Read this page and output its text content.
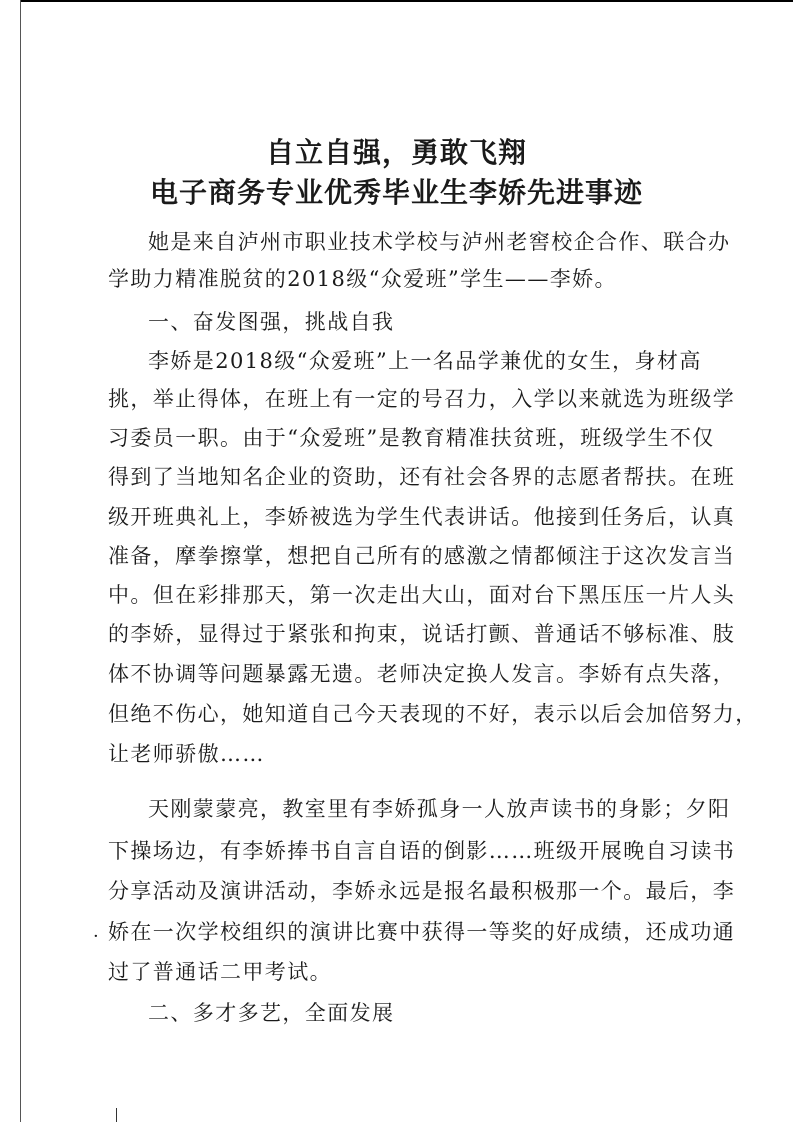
自立自强，勇敢飞翔
电子商务专业优秀毕业生李娇先进事迹

她是来自泸州市职业技术学校与泸州老窖校企合作、联合办

学助力精准脱贫的2018级“众爱班”学生——李娇。

一、奋发图强，挑战自我

李娇是2018级“众爱班”上一名品学兼优的女生，身材高

挑，举止得体，在班上有一定的号召力，入学以来就选为班级学

习委员一职。由于“众爱班”是教育精准扶贫班，班级学生不仅

得到了当地知名企业的资助，还有社会各界的志愿者帮扶。在班

级开班典礼上，李娇被选为学生代表讲话。他接到任务后，认真

准备，摩拳擦掌，想把自己所有的感激之情都倾注于这次发言当

中。但在彩排那天，第一次走出大山，面对台下黑压压一片人头

的李娇，显得过于紧张和拘束，说话打颤、普通话不够标准、肢

体不协调等问题暴露无遗。老师决定换人发言。李娇有点失落，

但绝不伤心，她知道自己今天表现的不好，表示以后会加倍努力，

让老师骄傲……

天刚蒙蒙亮，教室里有李娇孤身一人放声读书的身影；夕阳

下操场边，有李娇捧书自言自语的倒影……班级开展晚自习读书

分享活动及演讲活动，李娇永远是报名最积极那一个。最后，李

娇在一次学校组织的演讲比赛中获得一等奖的好成绩，还成功通

过了普通话二甲考试。

二、多才多艺，全面发展

·
